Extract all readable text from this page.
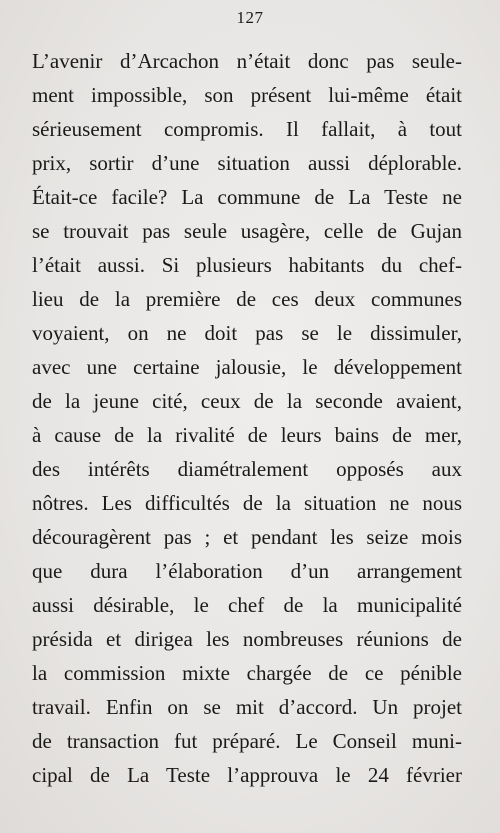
127
L’avenir d’Arcachon n’était donc pas seule-
ment impossible, son présent lui-même était
sérieusement compromis. Il fallait, à tout
prix, sortir d’une situation aussi déplorable.
Était-ce facile? La commune de La Teste ne
se trouvait pas seule usagère, celle de Gujan
l’était aussi. Si plusieurs habitants du chef-
lieu de la première de ces deux communes
voyaient, on ne doit pas se le dissimuler,
avec une certaine jalousie, le développement
de la jeune cité, ceux de la seconde avaient,
à cause de la rivalité de leurs bains de mer,
des intérêts diamétralement opposés aux
nôtres. Les difficultés de la situation ne nous
découragèrent pas ; et pendant les seize mois
que dura l’élaboration d’un arrangement
aussi désirable, le chef de la municipalité
présida et dirigea les nombreuses réunions de
la commission mixte chargée de ce pénible
travail. Enfin on se mit d’accord. Un projet
de transaction fut préparé. Le Conseil muni-
cipal de La Teste l’approuva le 24 février
